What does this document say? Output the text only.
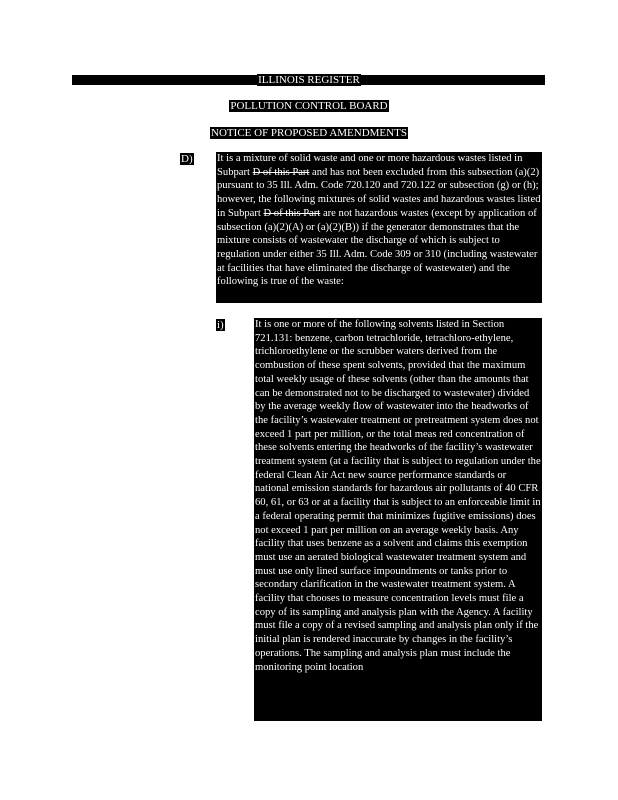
ILLINOIS REGISTER
POLLUTION CONTROL BOARD
NOTICE OF PROPOSED AMENDMENTS
D) It is a mixture of solid waste and one or more hazardous wastes listed in Subpart D of this Part and has not been excluded from this subsection (a)(2) pursuant to 35 Ill. Adm. Code 720.120 and 720.122 or subsection (g) or (h); however, the following mixtures of solid wastes and hazardous wastes listed in Subpart D of this Part are not hazardous wastes (except by application of subsection (a)(2)(A) or (a)(2)(B)) if the generator demonstrates that the mixture consists of wastewater the discharge of which is subject to regulation under either 35 Ill. Adm. Code 309 or 310 (including wastewater at facilities that have eliminated the discharge of wastewater) and the following is true of the waste:
i)	It is one or more of the following solvents listed in Section 721.131: benzene, carbon tetrachloride, tetrachloro-ethylene, trichloroethylene or the scrubber waters derived from the combustion of these spent solvents, provided that the maximum total weekly usage of these solvents (other than the amounts that can be demonstrated not to be discharged to wastewater) divided by the average weekly flow of wastewater into the headworks of the facility’s wastewater treatment or pretreatment system does not exceed 1 part per million, or the total meas red concentration of these solvents entering the headworks of the facility’s wastewater treatment system (at a facility that is subject to regulation under the federal Clean Air Act new source performance standards or national emission standards for hazardous air pollutants of 40 CFR 60, 61, or 63 or at a facility that is subject to an enforceable limit in a federal operating permit that minimizes fugitive emissions) does not exceed 1 part per million on an average weekly basis. Any facility that uses benzene as a solvent and claims this exemption must use an aerated biological wastewater treatment system and must use only lined surface impoundments or tanks prior to secondary clarification in the wastewater treatment system. A facility that chooses to measure concentration levels must file a copy of its sampling and analysis plan with the Agency. A facility must file a copy of a revised sampling and analysis plan only if the initial plan is rendered inaccurate by changes in the facility’s operations. The sampling and analysis plan must include the monitoring point location
